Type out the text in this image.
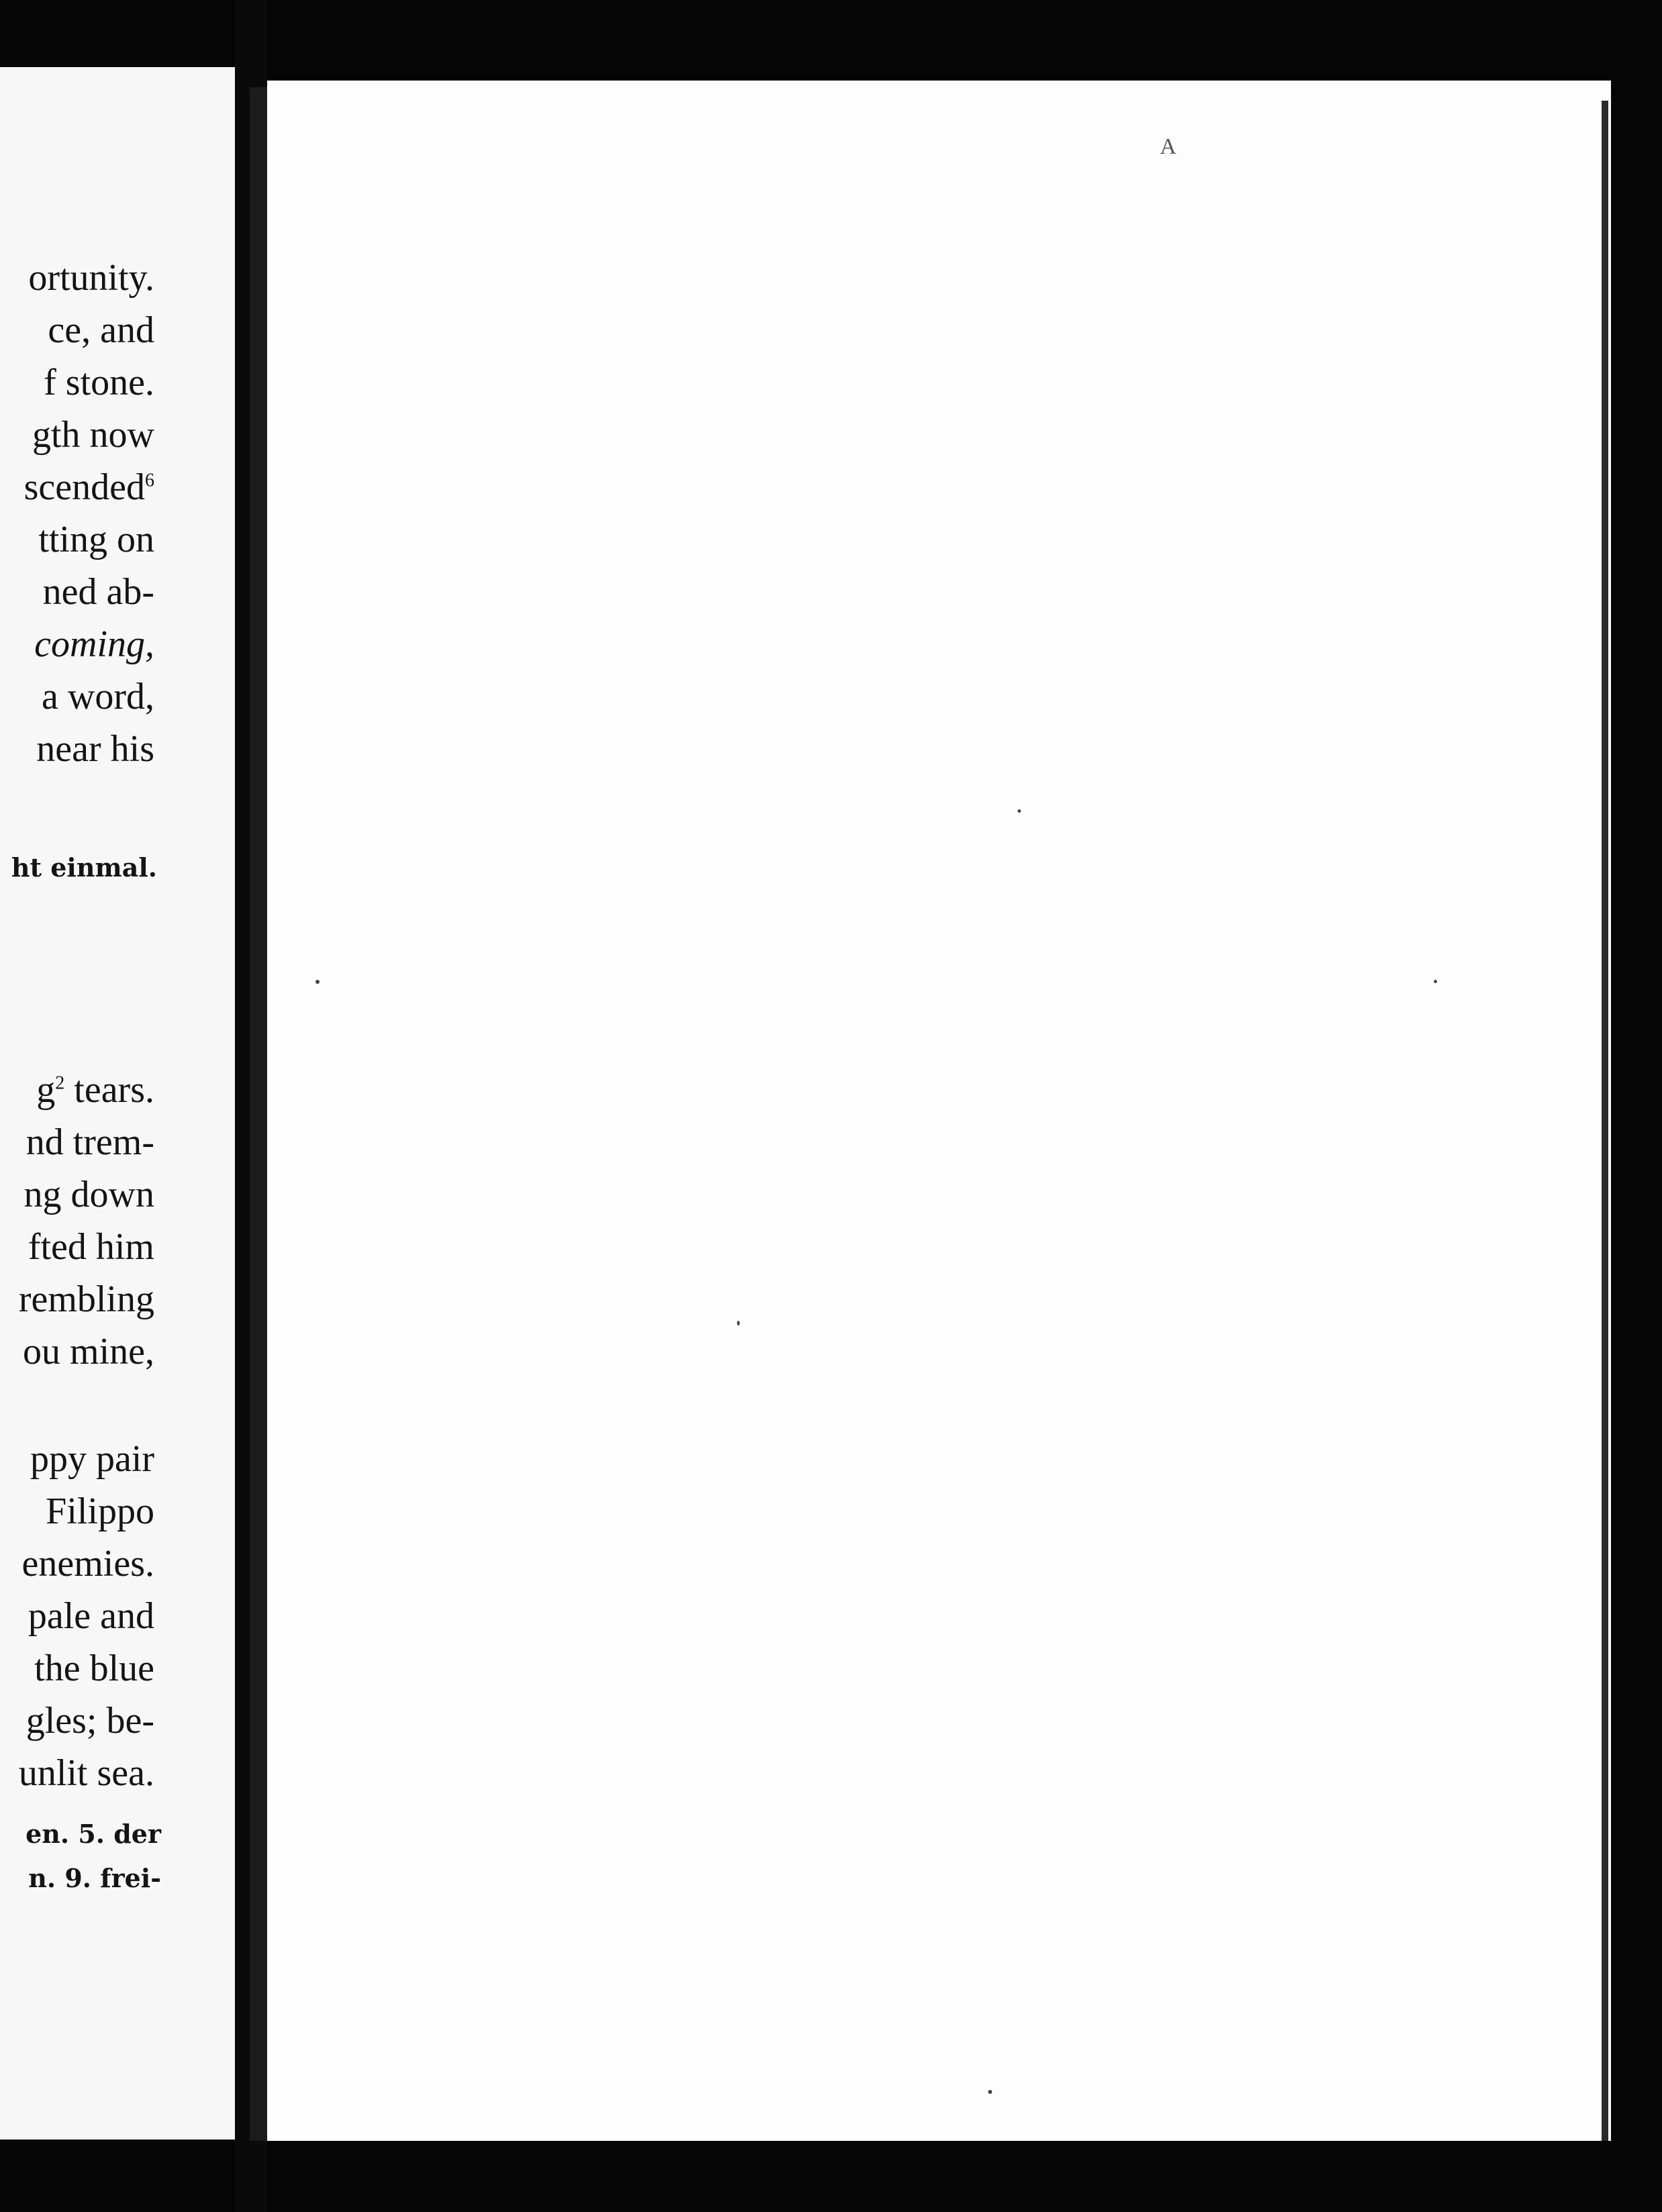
ortunity.
ce, and
f stone.
gth now
scended$^6$
tting on
ned ab-
coming,
a word,
near his
ht einmal.
$g^2$ tears.
nd trem-
ng down
fted him
rembling
ou mine,
ppy pair
Filippo
enemies.
pale and
the blue
gles; be-
unlit sea.
en. 5. der
n. 9. frei-
A
